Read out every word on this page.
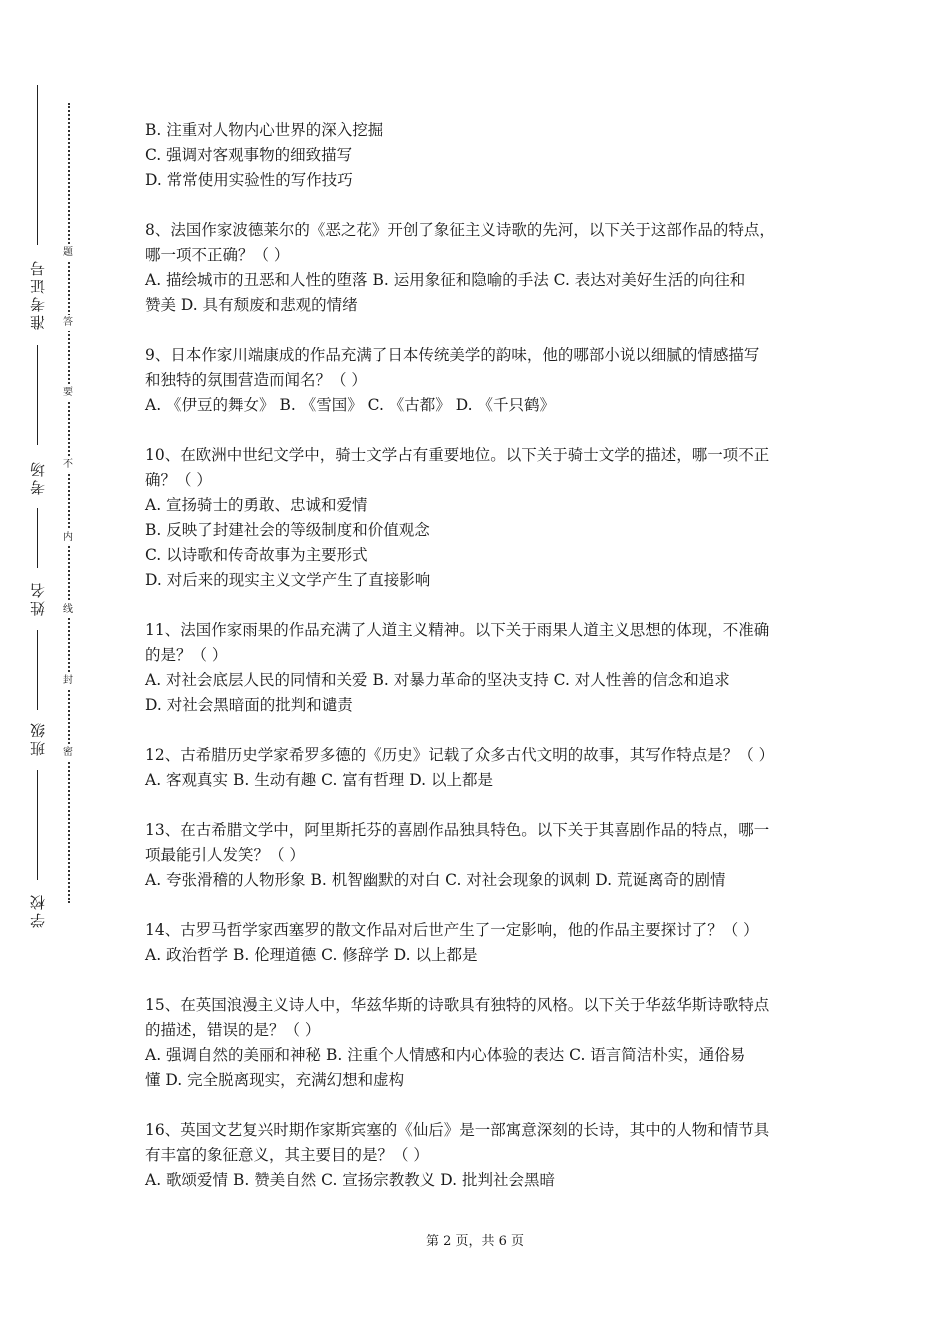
准考证号
考场
姓名
班级
学校
题
答
要
不
内
线
封
密

B. 注重对人物内心世界的深入挖掘

C. 强调对客观事物的细致描写

D. 常常使用实验性的写作技巧

8、法国作家波德莱尔的《恶之花》开创了象征主义诗歌的先河，以下关于这部作品的特点，

哪一项不正确？（ ）

A. 描绘城市的丑恶和人性的堕落 B. 运用象征和隐喻的手法 C. 表达对美好生活的向往和

赞美 D. 具有颓废和悲观的情绪

9、日本作家川端康成的作品充满了日本传统美学的韵味，他的哪部小说以细腻的情感描写

和独特的氛围营造而闻名？（ ）

A. 《伊豆的舞女》 B. 《雪国》 C. 《古都》 D. 《千只鹤》

10、在欧洲中世纪文学中，骑士文学占有重要地位。以下关于骑士文学的描述，哪一项不正

确？（ ）

A. 宣扬骑士的勇敢、忠诚和爱情

B. 反映了封建社会的等级制度和价值观念

C. 以诗歌和传奇故事为主要形式

D. 对后来的现实主义文学产生了直接影响

11、法国作家雨果的作品充满了人道主义精神。以下关于雨果人道主义思想的体现，不准确

的是？（ ）

A. 对社会底层人民的同情和关爱 B. 对暴力革命的坚决支持 C. 对人性善的信念和追求

D. 对社会黑暗面的批判和谴责

12、古希腊历史学家希罗多德的《历史》记载了众多古代文明的故事，其写作特点是？（ ）

A. 客观真实 B. 生动有趣 C. 富有哲理 D. 以上都是

13、在古希腊文学中，阿里斯托芬的喜剧作品独具特色。以下关于其喜剧作品的特点，哪一

项最能引人发笑？（ ）

A. 夸张滑稽的人物形象 B. 机智幽默的对白 C. 对社会现象的讽刺 D. 荒诞离奇的剧情

14、古罗马哲学家西塞罗的散文作品对后世产生了一定影响，他的作品主要探讨了？（ ）

A. 政治哲学 B. 伦理道德 C. 修辞学 D. 以上都是

15、在英国浪漫主义诗人中，华兹华斯的诗歌具有独特的风格。以下关于华兹华斯诗歌特点

的描述，错误的是？（ ）

A. 强调自然的美丽和神秘 B. 注重个人情感和内心体验的表达 C. 语言简洁朴实，通俗易

懂 D. 完全脱离现实，充满幻想和虚构

16、英国文艺复兴时期作家斯宾塞的《仙后》是一部寓意深刻的长诗，其中的人物和情节具

有丰富的象征意义，其主要目的是？（ ）

A. 歌颂爱情 B. 赞美自然 C. 宣扬宗教教义 D. 批判社会黑暗

第 2 页，共 6 页
